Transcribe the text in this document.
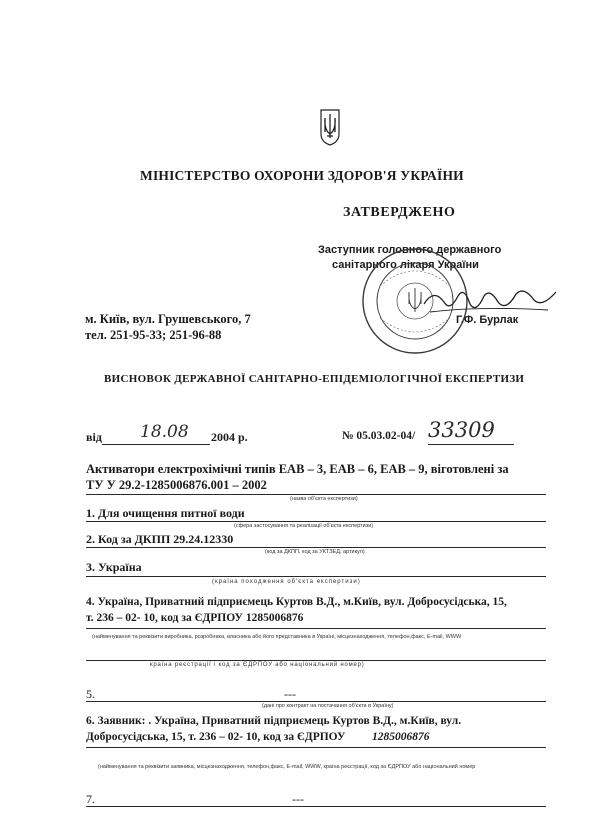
МІНІСТЕРСТВО ОХОРОНИ ЗДОРОВ'Я УКРАЇНИ
ЗАТВЕРДЖЕНО
Заступник головного державного
санітарного лікаря України
Г.Ф. Бурлак
м. Київ, вул. Грушевського, 7
тел. 251-95-33; 251-96-88
ВИСНОВОК ДЕРЖАВНОЇ САНІТАРНО-ЕПІДЕМІОЛОГІЧНОЇ ЕКСПЕРТИЗИ
від 18.08 2004 р.	№ 05.03.02-04/ 33309
Активатори електрохімічні типів ЕАВ – 3, ЕАВ – 6, ЕАВ – 9, віготовлені за
ТУ У 29.2-1285006876.001 – 2002
(назва об'єкта експертизи)
1. Для очищення питної води
(сфера застосування та реалізації об'єкта експертизи)
2. Код за ДКПП 29.24.12330
(код за ДКПП, код за УКТЗЕД, артикул)
3. Україна
(країна походження об'єкта експертизи)
4. Україна, Приватний підприємець Куртов В.Д., м.Київ, вул. Добросусідська, 15,
т. 236 – 02- 10, код за ЄДРПОУ 1285006876
(найменування та реквізити виробника, розробника, власника або його представника в Україні, місцезнаходження, телефон,факс, E-mail, WWW
країна реєстрації і код за ЄДРПОУ або національний номер)
5.	---
(дані про контракт на постачання об'єкта в Україну)
6. Заявник: . Україна, Приватний підприємець Куртов В.Д., м.Київ, вул.
Добросусідська, 15, т. 236 – 02- 10, код за ЄДРПОУ 1285006876
(найменування та реквізити заявника, місцезнаходження, телефон,факс, E-mail, WWW, країна реєстрації, код за ЄДРПОУ або національний номер
7.	---
